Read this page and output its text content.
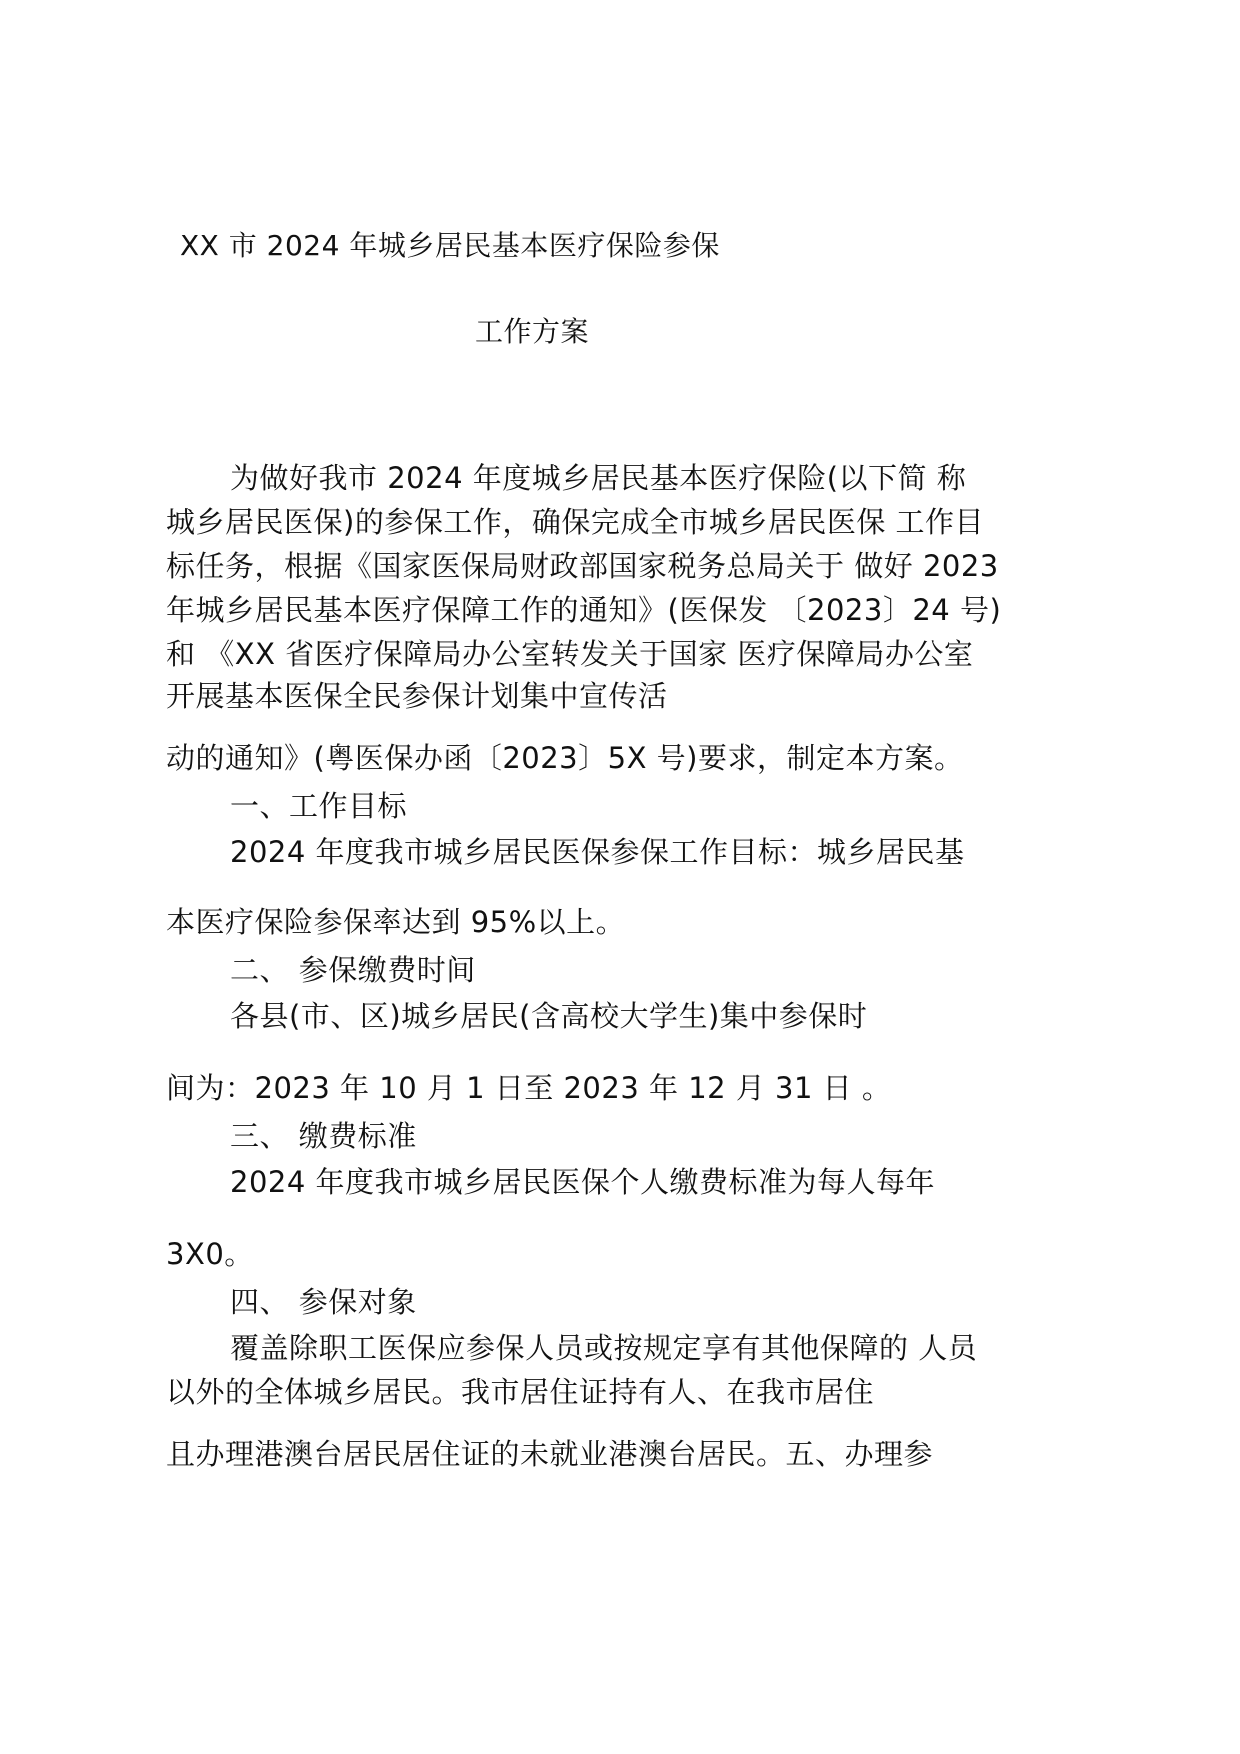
XX 市 2024 年城乡居民基本医疗保险参保
工作方案
为做好我市 2024 年度城乡居民基本医疗保险(以下简 称
城乡居民医保)的参保工作，确保完成全市城乡居民医保 工作目
标任务，根据《国家医保局财政部国家税务总局关于 做好 2023
年城乡居民基本医疗保障工作的通知》(医保发 〔2023〕24 号)
和 《XX 省医疗保障局办公室转发关于国家 医疗保障局办公室
开展基本医保全民参保计划集中宣传活
动的通知》(粤医保办函〔2023〕5X 号)要求，制定本方案。
一、工作目标
2024 年度我市城乡居民医保参保工作目标：城乡居民基
本医疗保险参保率达到 95%以上。
二、 参保缴费时间
各县(市、区)城乡居民(含高校大学生)集中参保时
间为：2023 年 10 月 1 日至 2023 年 12 月 31 日 。
三、 缴费标准
2024 年度我市城乡居民医保个人缴费标准为每人每年
3X0。
四、 参保对象
覆盖除职工医保应参保人员或按规定享有其他保障的 人员
以外的全体城乡居民。我市居住证持有人、在我市居住
且办理港澳台居民居住证的未就业港澳台居民。五、办理参
